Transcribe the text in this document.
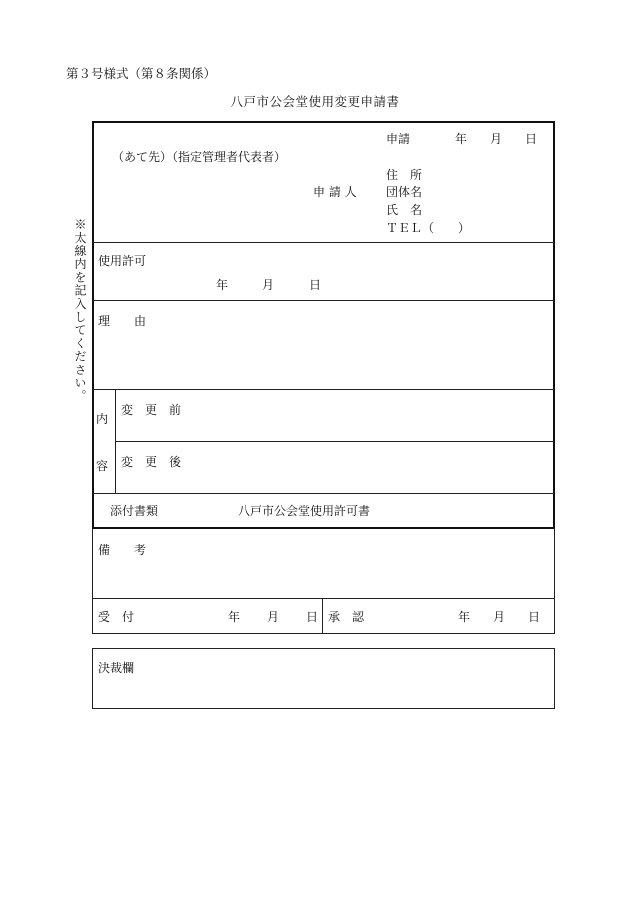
第３号様式（第８条関係）
八戸市公会堂使用変更申請書
※太線内を記入してください。
申請	年 月 日
（あて先）（指定管理者代表者）
住　所
申 請 人 団体名
氏　名
ＴＥＬ（　　）
使用許可
年	月	日
理　　由
内
容
変　更　前
変　更　後
添付書類	八戸市公会堂使用許可書
備　　考
受　付	年 月 日 承　認	年 月 日
決裁欄
